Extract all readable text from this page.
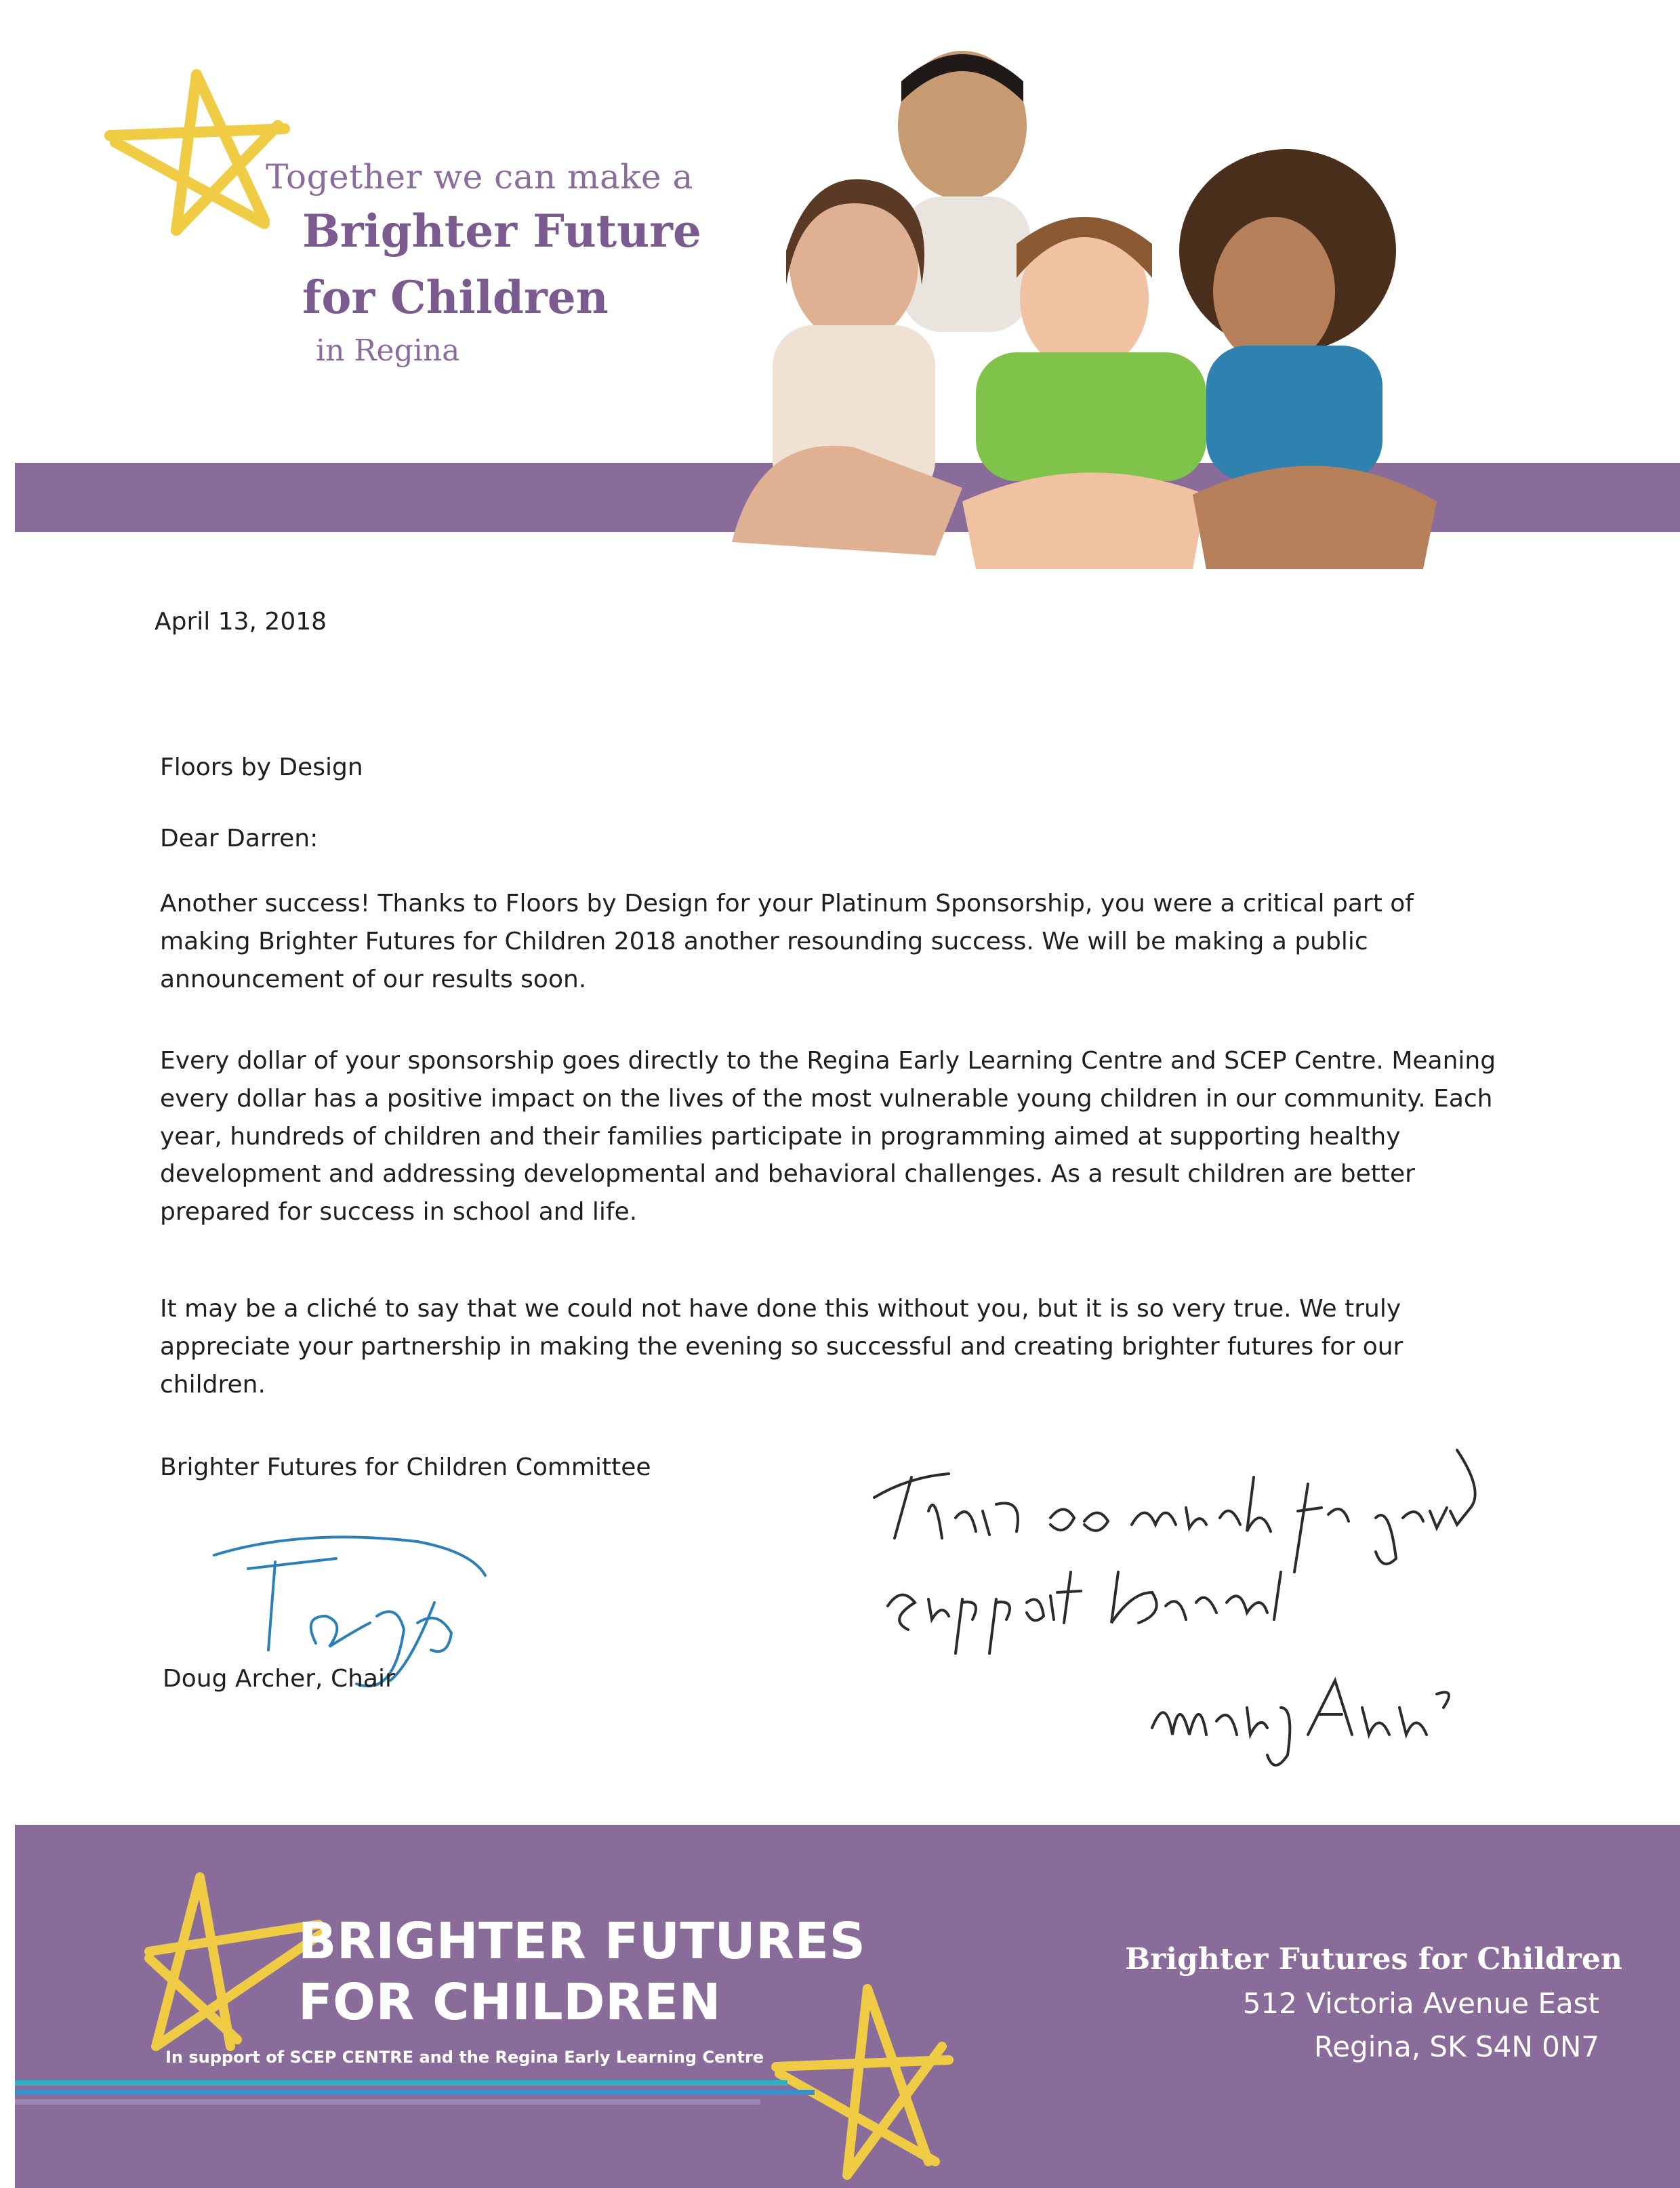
Together we can make a
Brighter Future
for Children
in Regina
April 13, 2018
Floors by Design
Dear Darren:
Another success! Thanks to Floors by Design for your Platinum Sponsorship, you were a critical part of
making Brighter Futures for Children 2018 another resounding success. We will be making a public
announcement of our results soon.
Every dollar of your sponsorship goes directly to the Regina Early Learning Centre and SCEP Centre. Meaning
every dollar has a positive impact on the lives of the most vulnerable young children in our community. Each
year, hundreds of children and their families participate in programming aimed at supporting healthy
development and addressing developmental and behavioral challenges. As a result children are better
prepared for success in school and life.
It may be a cliché to say that we could not have done this without you, but it is so very true. We truly
appreciate your partnership in making the evening so successful and creating brighter futures for our
children.
Brighter Futures for Children Committee
Doug Archer, Chair
BRIGHTER FUTURES
FOR CHILDREN
In support of SCEP CENTRE and the Regina Early Learning Centre
Brighter Futures for Children
512 Victoria Avenue East
Regina, SK S4N 0N7
